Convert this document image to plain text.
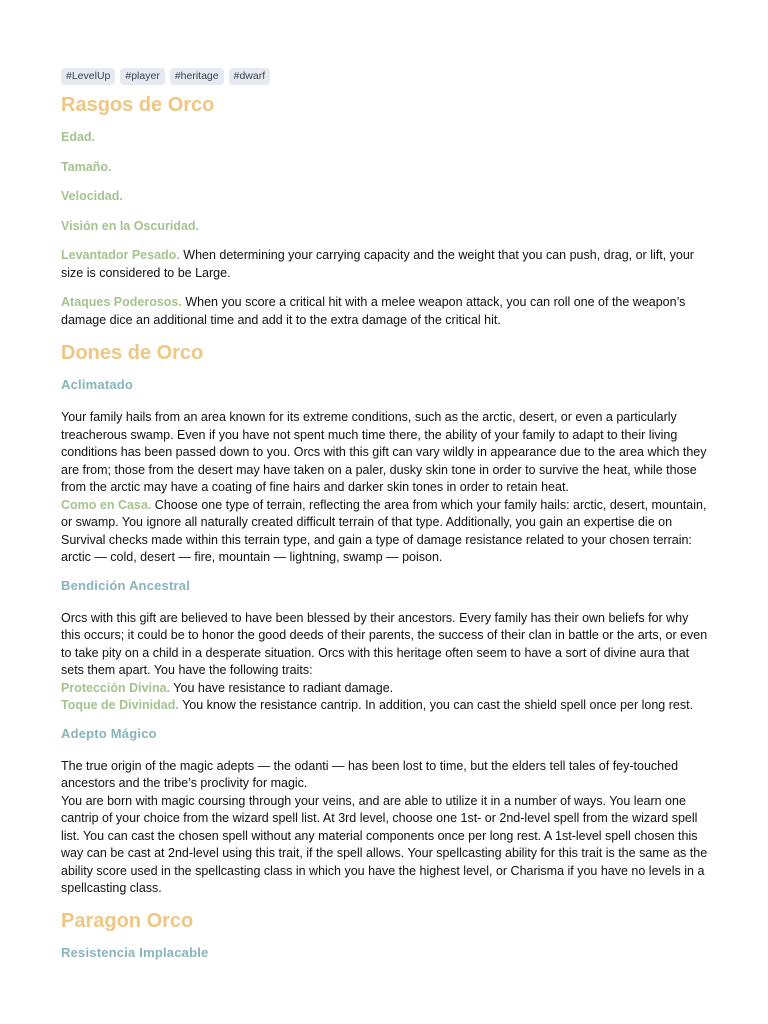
#LevelUp	#player	#heritage	#dwarf
Rasgos de Orco

Edad.

Tamaño.

Velocidad.

Visión en la Oscuridad.

Levantador Pesado. When determining your carrying capacity and the weight that you can push, drag, or lift, your size is considered to be Large.

Ataques Poderosos. When you score a critical hit with a melee weapon attack, you can roll one of the weapon’s damage dice an additional time and add it to the extra damage of the critical hit.

Dones de Orco
Aclimatado

Your family hails from an area known for its extreme conditions, such as the arctic, desert, or even a particularly treacherous swamp. Even if you have not spent much time there, the ability of your family to adapt to their living conditions has been passed down to you. Orcs with this gift can vary wildly in appearance due to the area which they are from; those from the desert may have taken on a paler, dusky skin tone in order to survive the heat, while those from the arctic may have a coating of fine hairs and darker skin tones in order to retain heat.

Como en Casa. Choose one type of terrain, reflecting the area from which your family hails: arctic, desert, mountain, or swamp. You ignore all naturally created difficult terrain of that type. Additionally, you gain an expertise die on Survival checks made within this terrain type, and gain a type of damage resistance related to your chosen terrain: arctic — cold, desert — fire, mountain — lightning, swamp — poison.

Bendición Ancestral

Orcs with this gift are believed to have been blessed by their ancestors. Every family has their own beliefs for why this occurs; it could be to honor the good deeds of their parents, the success of their clan in battle or the arts, or even to take pity on a child in a desperate situation. Orcs with this heritage often seem to have a sort of divine aura that sets them apart. You have the following traits:

Protección Divina. You have resistance to radiant damage.

Toque de Divinidad. You know the resistance cantrip. In addition, you can cast the shield spell once per long rest.

Adepto Mágico

The true origin of the magic adepts — the odanti — has been lost to time, but the elders tell tales of fey-touched ancestors and the tribe’s proclivity for magic.

You are born with magic coursing through your veins, and are able to utilize it in a number of ways. You learn one cantrip of your choice from the wizard spell list. At 3rd level, choose one 1st- or 2nd-level spell from the wizard spell list. You can cast the chosen spell without any material components once per long rest. A 1st-level spell chosen this way can be cast at 2nd-level using this trait, if the spell allows. Your spellcasting ability for this trait is the same as the ability score used in the spellcasting class in which you have the highest level, or Charisma if you have no levels in a spellcasting class.

Paragon Orco
Resistencia Implacable
